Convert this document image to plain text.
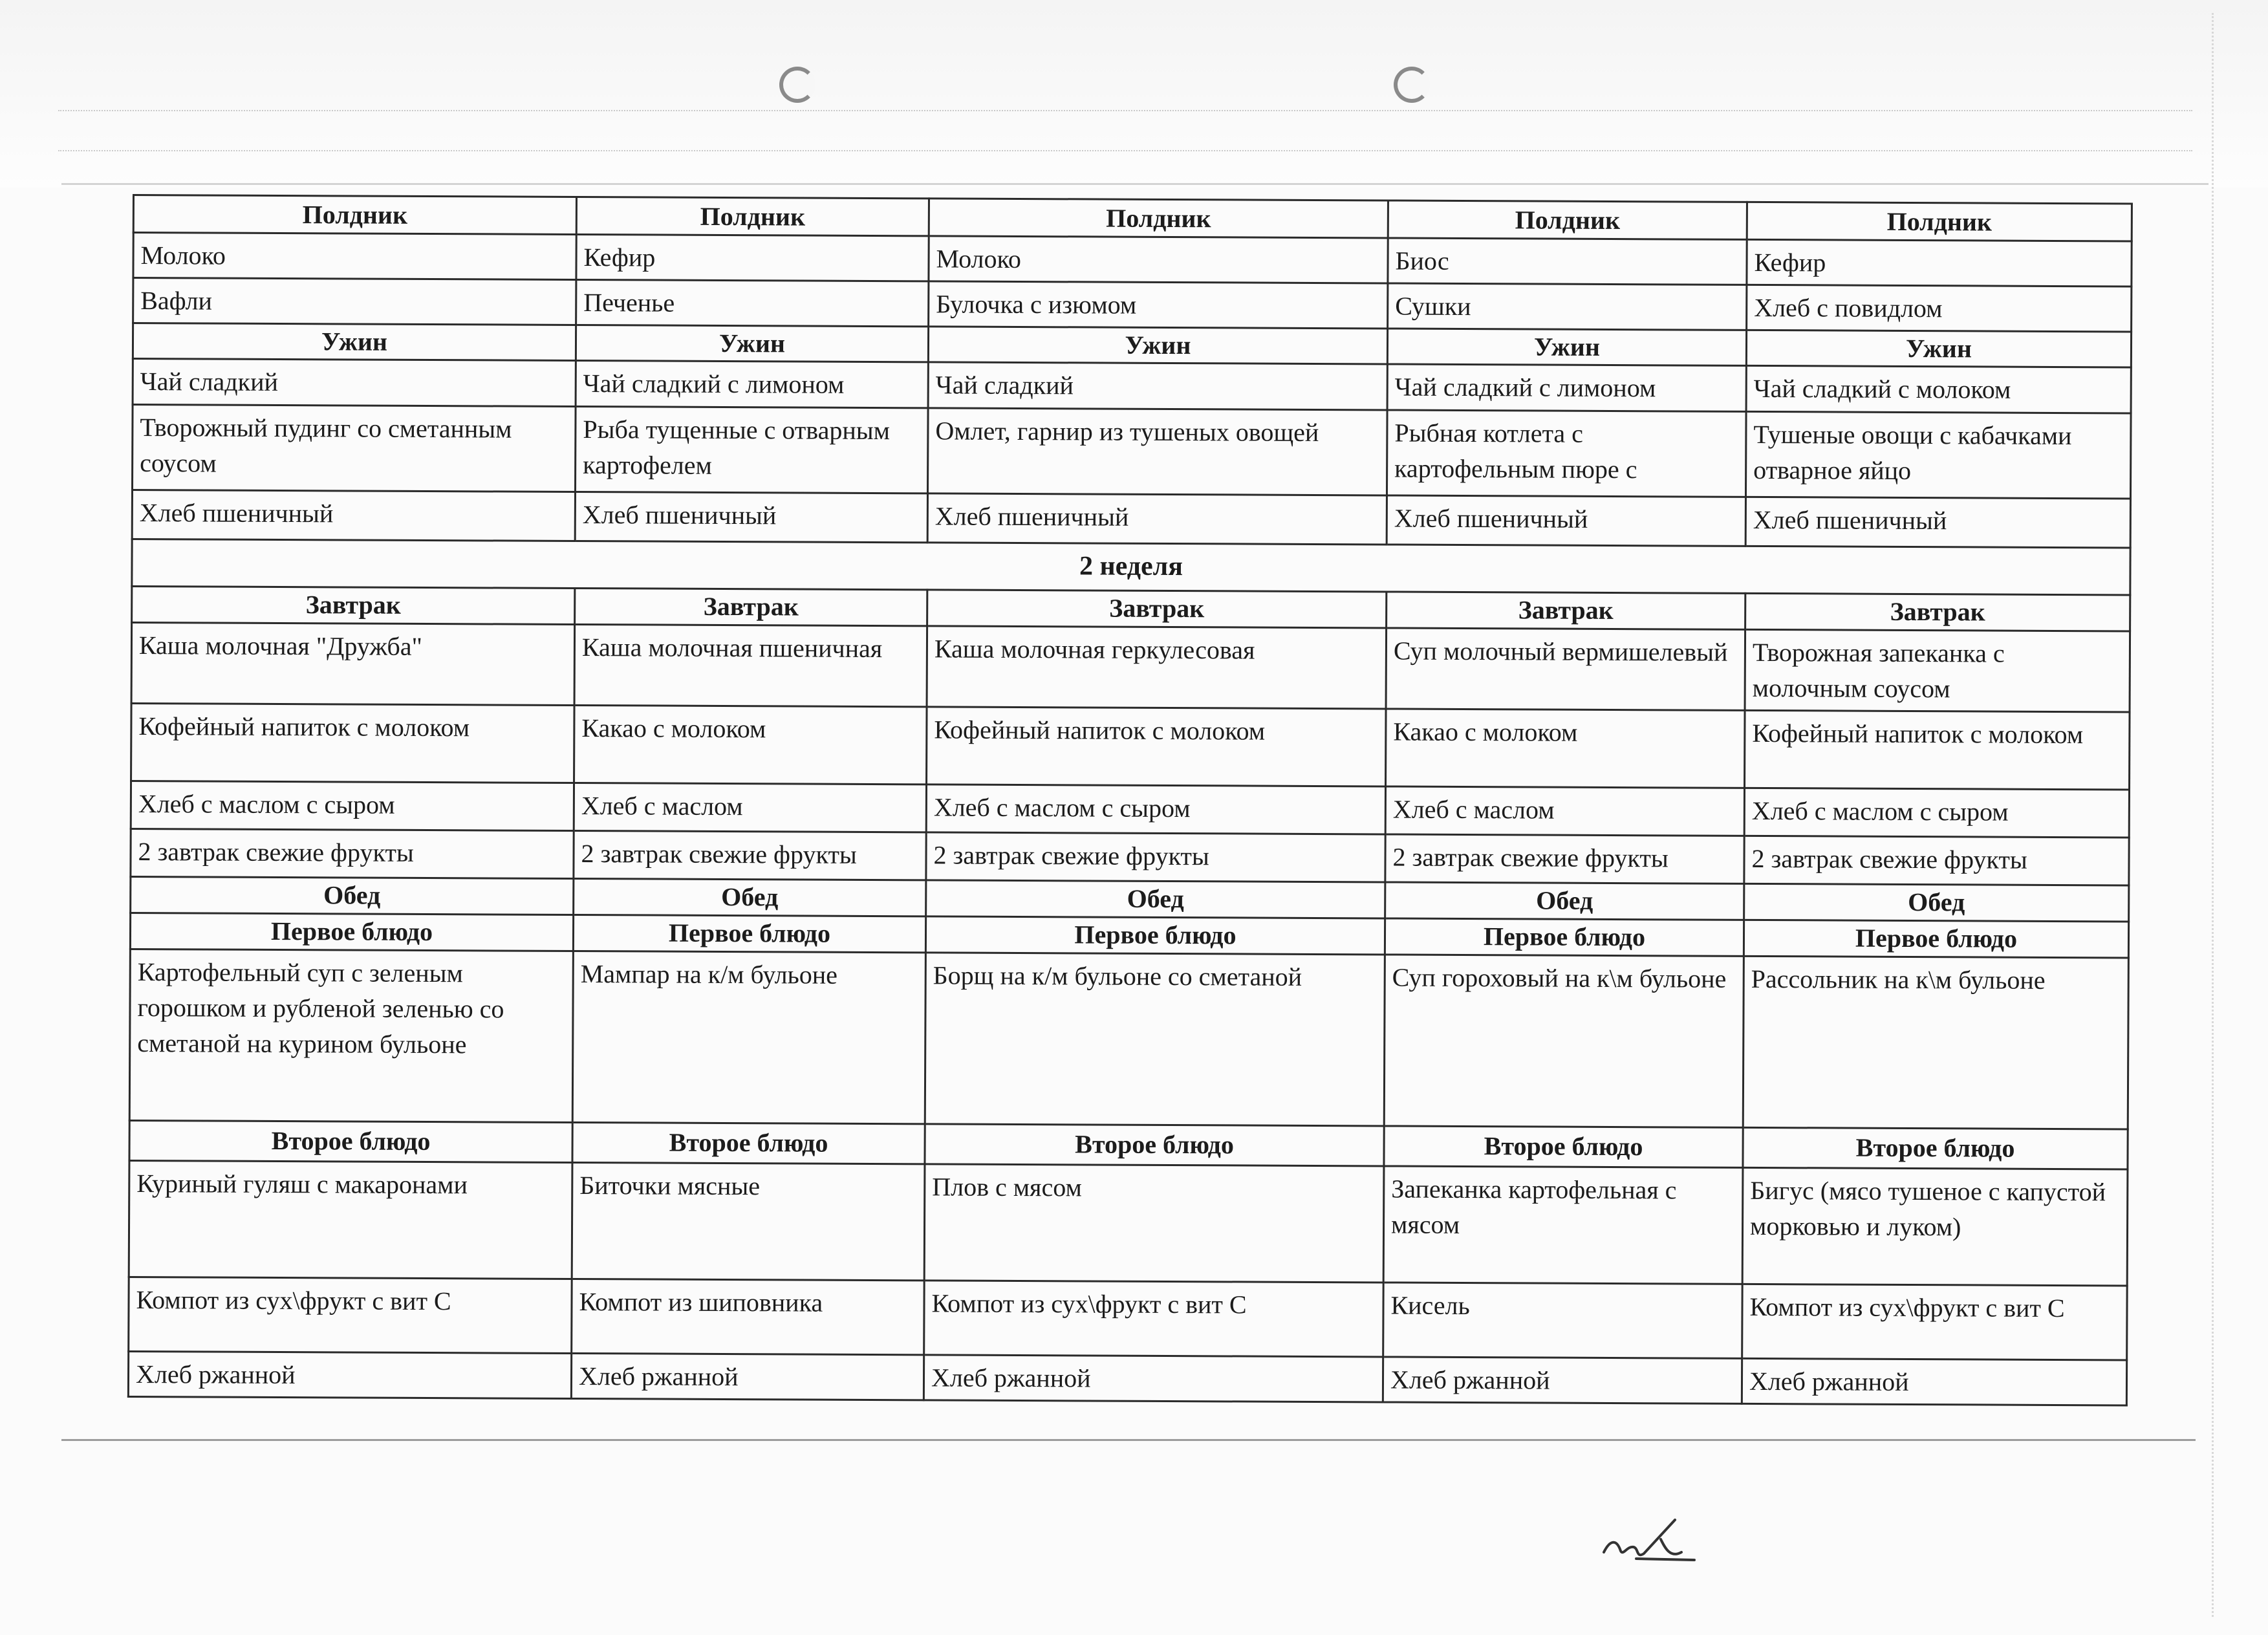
Полдник	Полдник	Полдник	Полдник	Полдник
Молоко	Кефир	Молоко	Биос	Кефир
Вафли	Печенье	Булочка с изюмом	Сушки	Хлеб с повидлом
Ужин	Ужин	Ужин	Ужин	Ужин
Чай сладкий	Чай сладкий с лимоном	Чай сладкий	Чай сладкий с лимоном	Чай сладкий с молоком
Творожный пудинг со сметанным соусом	Рыба тущенные с отварным картофелем	Омлет, гарнир из тушеных овощей	Рыбная котлета с картофельным пюре с	Тушеные овощи с кабачками отварное яйцо
Хлеб пшеничный	Хлеб пшеничный	Хлеб пшеничный	Хлеб пшеничный	Хлеб пшеничный
2 неделя				
Завтрак	Завтрак	Завтрак	Завтрак	Завтрак
Каша молочная "Дружба"	Каша молочная пшеничная	Каша молочная геркулесовая	Суп молочный вермишелевый	Творожная запеканка с молочным соусом
Кофейный напиток с молоком	Какао с молоком	Кофейный напиток с молоком	Какао с молоком	Кофейный напиток с молоком
Хлеб с маслом с сыром	Хлеб с маслом	Хлеб с маслом с сыром	Хлеб с маслом	Хлеб с маслом с сыром
2 завтрак свежие фрукты	2 завтрак свежие фрукты	2 завтрак свежие фрукты	2 завтрак свежие фрукты	2 завтрак свежие фрукты
Обед	Обед	Обед	Обед	Обед
Первое блюдо	Первое блюдо	Первое блюдо	Первое блюдо	Первое блюдо
Картофельный суп с зеленым горошком и рубленой зеленью со сметаной на курином бульоне	Мампар на к/м бульоне	Борщ на к/м бульоне со сметаной	Суп гороховый на к\м бульоне	Рассольник на к\м бульоне
Второе блюдо	Второе блюдо	Второе блюдо	Второе блюдо	Второе блюдо
Куриный гуляш с макаронами	Биточки мясные	Плов с мясом	Запеканка картофельная с мясом	Бигус (мясо тушеное с капустой морковью и луком)
Компот из сух\фрукт с вит С	Компот из шиповника	Компот из сух\фрукт с вит С	Кисель	Компот из сух\фрукт с вит С
Хлеб ржанной	Хлеб ржанной	Хлеб ржанной	Хлеб ржанной	Хлеб ржанной
